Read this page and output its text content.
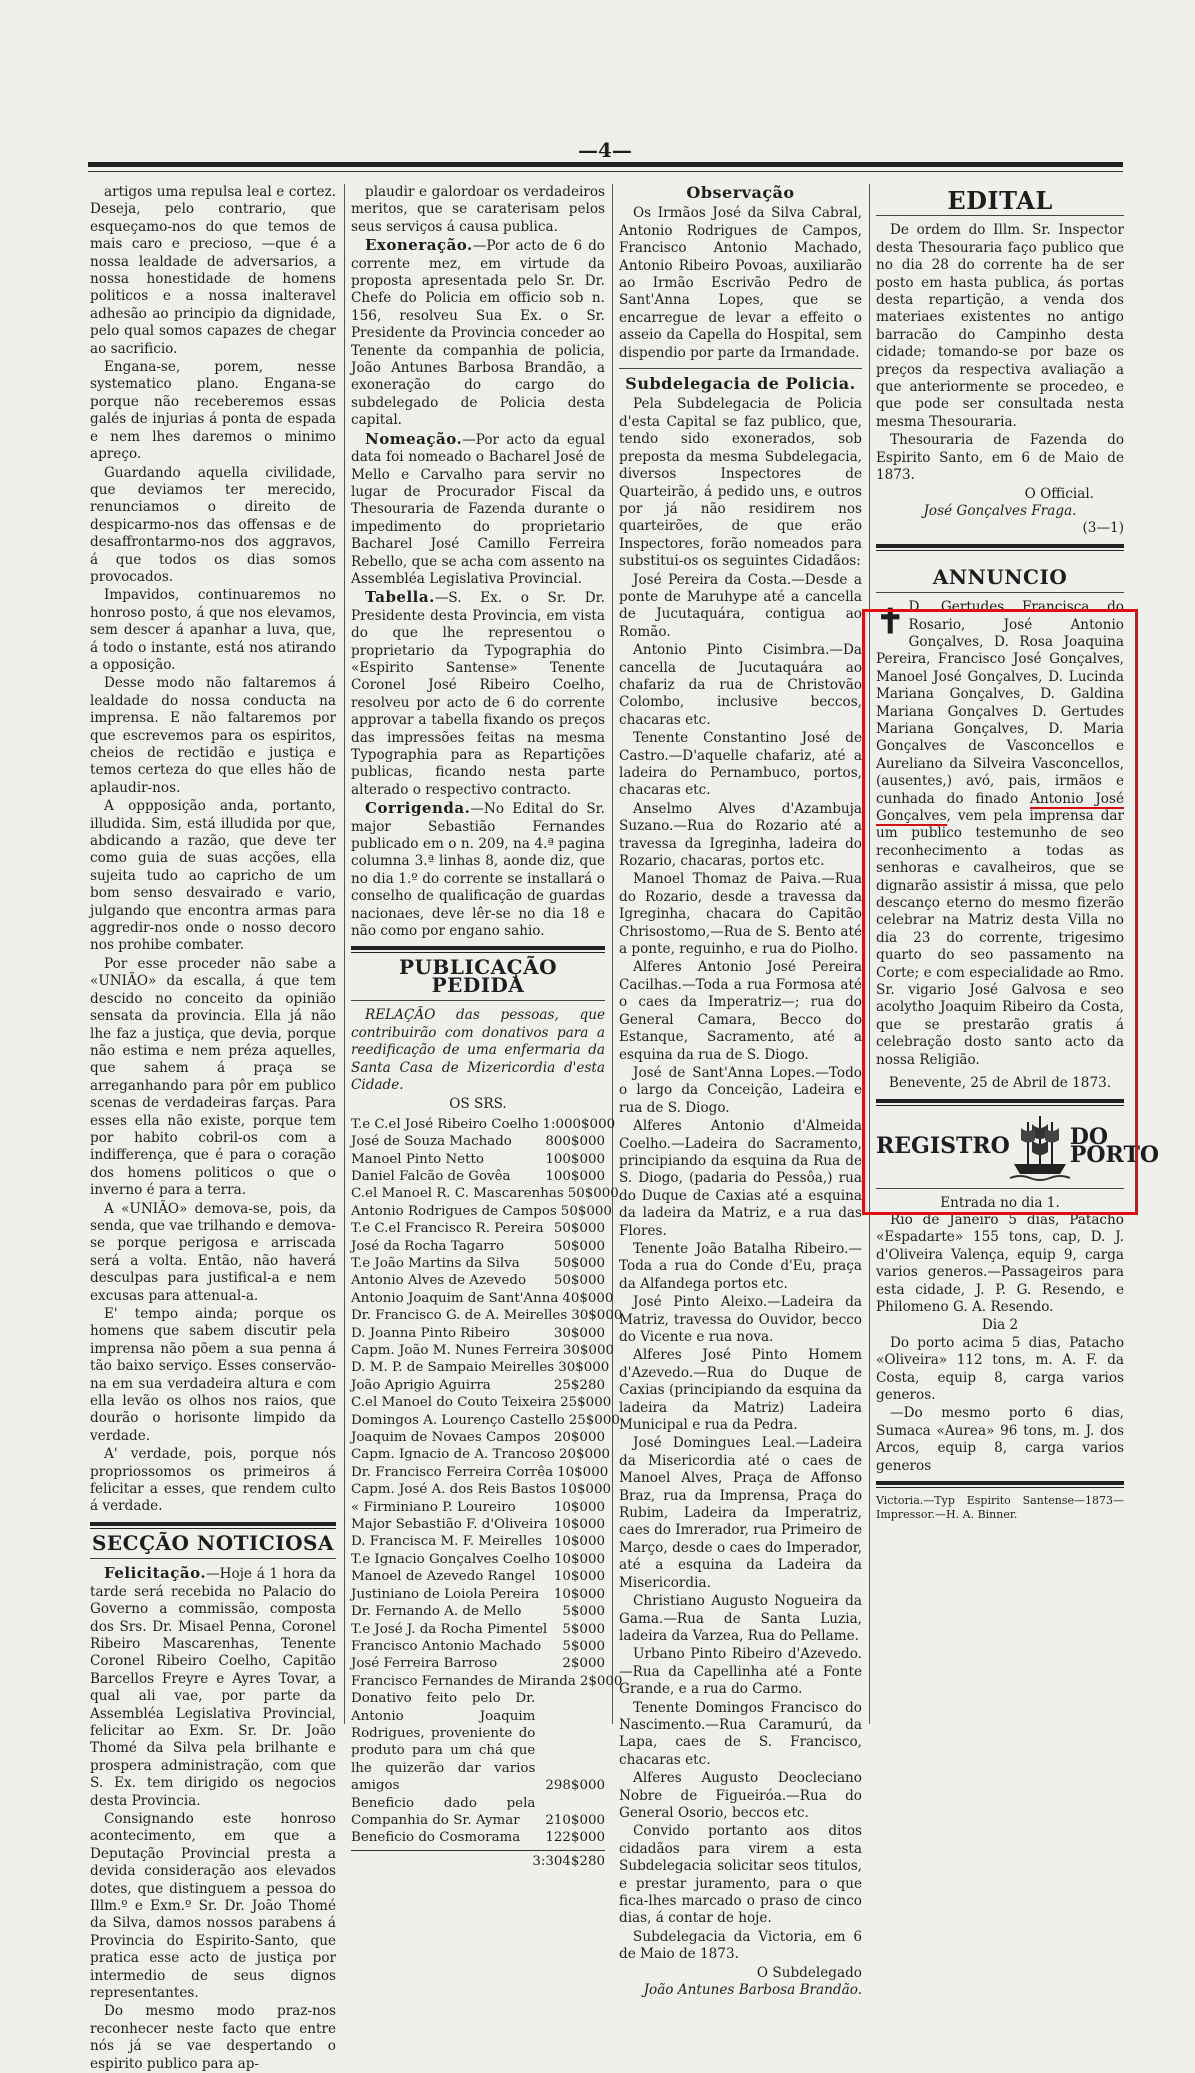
—4—

artigos uma repulsa leal e cortez. Deseja, pelo contrario, que esqueçamo-nos do que temos de mais caro e precioso, —que é a nossa lealdade de adversarios, a nossa honestidade de homens politicos e a nossa inalteravel adhesão ao principio da dignidade, pelo qual somos capazes de chegar ao sacrificio.

Engana-se, porem, nesse systematico plano. Engana-se porque não receberemos essas galés de injurias á ponta de espada e nem lhes daremos o minimo apreço.

Guardando aquella civilidade, que deviamos ter merecido, renunciamos o direito de despicarmo-nos das offensas e de desaffrontarmo-nos dos aggravos, á que todos os dias somos provocados.

Impavidos, continuaremos no honroso posto, á que nos elevamos, sem descer á apanhar a luva, que, á todo o instante, está nos atirando a opposição.

Desse modo não faltaremos á lealdade do nossa conducta na imprensa. E não faltaremos por que escrevemos para os espiritos, cheios de rectidão e justiça e temos certeza do que elles hão de aplaudir-nos.

A oppposição anda, portanto, illudida. Sim, está illudida por que, abdicando a razão, que deve ter como guia de suas acções, ella sujeita tudo ao capricho de um bom senso desvairado e vario, julgando que encontra armas para aggredir-nos onde o nosso decoro nos prohibe combater.

Por esse proceder não sabe a «UNIÃO» da escalla, á que tem descido no conceito da opinião sensata da provincia. Ella já não lhe faz a justiça, que devia, porque não estima e nem préza aquelles, que sahem á praça se arreganhando para pôr em publico scenas de verdadeiras farças. Para esses ella não existe, porque tem por habito cobril-os com a indifferença, que é para o coração dos homens politicos o que o inverno é para a terra.

A «UNIÃO» demova-se, pois, da senda, que vae trilhando e demova-se porque perigosa e arriscada será a volta. Então, não haverá desculpas para justifical-a e nem excusas para attenual-a.

E' tempo ainda; porque os homens que sabem discutir pela imprensa não põem a sua penna á tão baixo serviço. Esses conservão-na em sua verdadeira altura e com ella levão os olhos nos raios, que dourão o horisonte limpido da verdade.

A' verdade, pois, porque nós propriossomos os primeiros á felicitar a esses, que rendem culto á verdade.

SECÇÃO NOTICIOSA

Felicitação.—Hoje á 1 hora da tarde será recebida no Palacio do Governo a commissão, composta dos Srs. Dr. Misael Penna, Coronel Ribeiro Mascarenhas, Tenente Coronel Ribeiro Coelho, Capitão Barcellos Freyre e Ayres Tovar, a qual ali vae, por parte da Assembléa Legislativa Provincial, felicitar ao Exm. Sr. Dr. João Thomé da Silva pela brilhante e prospera administração, com que S. Ex. tem dirigido os negocios desta Provincia.

Consignando este honroso acontecimento, em que a Deputação Provincial presta a devida consideração aos elevados dotes, que distinguem a pessoa do Illm.º e Exm.º Sr. Dr. João Thomé da Silva, damos nossos parabens á Provincia do Espirito-Santo, que pratica esse acto de justiça por intermedio de seus dignos representantes.

Do mesmo modo praz-nos reconhecer neste facto que entre nós já se vae despertando o espirito publico para ap-

plaudir e galordoar os verdadeiros meritos, que se caraterisam pelos seus serviços á causa publica.

Exoneração.—Por acto de 6 do corrente mez, em virtude da proposta apresentada pelo Sr. Dr. Chefe do Policia em officio sob n. 156, resolveu Sua Ex. o Sr. Presidente da Provincia conceder ao Tenente da companhia de policia, João Antunes Barbosa Brandão, a exoneração do cargo do subdelegado de Policia desta capital.

Nomeação.—Por acto da egual data foi nomeado o Bacharel José de Mello e Carvalho para servir no lugar de Procurador Fiscal da Thesouraria de Fazenda durante o impedimento do proprietario Bacharel José Camillo Ferreira Rebello, que se acha com assento na Assembléa Legislativa Provincial.

Tabella.—S. Ex. o Sr. Dr. Presidente desta Provincia, em vista do que lhe representou o proprietario da Typographia do «Espirito Santense» Tenente Coronel José Ribeiro Coelho, resolveu por acto de 6 do corrente approvar a tabella fixando os preços das impressões feitas na mesma Typographia para as Repartições publicas, ficando nesta parte alterado o respectivo contracto.

Corrigenda.—No Edital do Sr. major Sebastião Fernandes publicado em o n. 209, na 4.ª pagina columna 3.ª linhas 8, aonde diz, que no dia 1.º do corrente se installará o conselho de qualificação de guardas nacionaes, deve lêr-se no dia 18 e não como por engano sahio.

PUBLICAÇÃO PEDIDA

RELAÇÃO das pessoas, que contribuirão com donativos para a reedificação de uma enfermaria da Santa Casa de Mizericordia d'esta Cidade.

OS SRS.
T.e C.el José Ribeiro Coelho 1:000$000
José de Souza Machado	800$000
Manoel Pinto Netto	100$000
Daniel Falcão de Govêa	100$000
C.el Manoel R. C. Mascarenhas 50$000
Antonio Rodrigues de Campos 50$000
T.e C.el Francisco R. Pereira 50$000
José da Rocha Tagarro	50$000
T.e João Martins da Silva	50$000
Antonio Alves de Azevedo 50$000
Antonio Joaquim de Sant'Anna 40$000
Dr. Francisco G. de A. Meirelles 30$000
D. Joanna Pinto Ribeiro	30$000
Capm. João M. Nunes Ferreira 30$000
D. M. P. de Sampaio Meirelles 30$000
João Aprigio Aguirra	25$280
C.el Manoel do Couto Teixeira 25$000
Domingos A. Lourenço Castello 25$000
Joaquim de Novaes Campos 20$000
Capm. Ignacio de A. Trancoso 20$000
Dr. Francisco Ferreira Corrêa 10$000
Capm. José A. dos Reis Bastos 10$000
« Firminiano P. Loureiro	10$000
Major Sebastião F. d'Oliveira 10$000
D. Francisca M. F. Meirelles 10$000
T.e Ignacio Gonçalves Coelho 10$000
Manoel de Azevedo Rangel 10$000
Justiniano de Loiola Pereira 10$000
Dr. Fernando A. de Mello	5$000
T.e José J. da Rocha Pimentel 5$000
Francisco Antonio Machado 5$000
José Ferreira Barroso	2$000
Francisco Fernandes de Miranda 2$000
Donativo feito pelo Dr. Antonio Joaquim Rodrigues, proveniente do produto para um chá que lhe quizerão dar varios amigos	298$000
Beneficio dado pela Companhia do Sr. Aymar	210$000
Beneficio do Cosmorama 122$000
3:304$280
Observação

Os Irmãos José da Silva Cabral, Antonio Rodrigues de Campos, Francisco Antonio Machado, Antonio Ribeiro Povoas, auxiliarão ao Irmão Escrivão Pedro de Sant'Anna Lopes, que se encarregue de levar a effeito o asseio da Capella do Hospital, sem dispendio por parte da Irmandade.

Subdelegacia de Policia.

Pela Subdelegacia de Policia d'esta Capital se faz publico, que, tendo sido exonerados, sob preposta da mesma Subdelegacia, diversos Inspectores de Quarteirão, á pedido uns, e outros por já não residirem nos quarteirões, de que erão Inspectores, forão nomeados para substitui-os os seguintes Cidadãos:

José Pereira da Costa.—Desde a ponte de Maruhype até a cancella de Jucutaquára, contigua ao Romão.

Antonio Pinto Cisimbra.—Da cancella de Jucutaquára ao chafariz da rua de Christovão Colombo, inclusive beccos, chacaras etc.

Tenente Constantino José de Castro.—D'aquelle chafariz, até a ladeira do Pernambuco, portos, chacaras etc.

Anselmo Alves d'Azambuja Suzano.—Rua do Rozario até a travessa da Igreginha, ladeira do Rozario, chacaras, portos etc.

Manoel Thomaz de Paiva.—Rua do Rozario, desde a travessa da Igreginha, chacara do Capitão Chrisostomo,—Rua de S. Bento até a ponte, reguinho, e rua do Piolho.

Alferes Antonio José Pereira Cacilhas.—Toda a rua Formosa até o caes da Imperatriz—; rua do General Camara, Becco do Estanque, Sacramento, até a esquina da rua de S. Diogo.

José de Sant'Anna Lopes.—Todo o largo da Conceição, Ladeira e rua de S. Diogo.

Alferes Antonio d'Almeida Coelho.—Ladeira do Sacramento, principiando da esquina da Rua de S. Diogo, (padaria do Pessôa,) rua do Duque de Caxias até a esquina da ladeira da Matriz, e a rua das Flores.

Tenente João Batalha Ribeiro.—Toda a rua do Conde d'Eu, praça da Alfandega portos etc.

José Pinto Aleixo.—Ladeira da Matriz, travessa do Ouvidor, becco do Vicente e rua nova.

Alferes José Pinto Homem d'Azevedo.—Rua do Duque de Caxias (principiando da esquina da ladeira da Matriz) Ladeira Municipal e rua da Pedra.

José Domingues Leal.—Ladeira da Misericordia até o caes de Manoel Alves, Praça de Affonso Braz, rua da Imprensa, Praça do Rubim, Ladeira da Imperatriz, caes do Imrerador, rua Primeiro de Março, desde o caes do Imperador, até a esquina da Ladeira da Misericordia.

Christiano Augusto Nogueira da Gama.—Rua de Santa Luzia, ladeira da Varzea, Rua do Pellame.

Urbano Pinto Ribeiro d'Azevedo.—Rua da Capellinha até a Fonte Grande, e a rua do Carmo.

Tenente Domingos Francisco do Nascimento.—Rua Caramurú, da Lapa, caes de S. Francisco, chacaras etc.

Alferes Augusto Deocleciano Nobre de Figueiróa.—Rua do General Osorio, beccos etc.

Convido portanto aos ditos cidadãos para virem a esta Subdelegacia solicitar seos titulos, e prestar juramento, para o que fica-lhes marcado o praso de cinco dias, á contar de hoje.

Subdelegacia da Victoria, em 6 de Maio de 1873.

O Subdelegado
João Antunes Barbosa Brandão.
EDITAL

De ordem do Illm. Sr. Inspector desta Thesouraria faço publico que no dia 28 do corrente ha de ser posto em hasta publica, ás portas desta repartição, a venda dos materiaes existentes no antigo barracão do Campinho desta cidade; tomando-se por baze os preços da respectiva avaliação a que anteriormente se procedeo, e que pode ser consultada nesta mesma Thesouraria.

Thesouraria de Fazenda do Espirito Santo, em 6 de Maio de 1873.

O Official.
José Gonçalves Fraga.
(3—1)
ANNUNCIO

✝ D. Gertudes Francisca do Rosario, José Antonio Gonçalves, D. Rosa Joaquina Pereira, Francisco José Gonçalves, Manoel José Gonçalves, D. Lucinda Mariana Gonçalves, D. Galdina Mariana Gonçalves D. Gertudes Mariana Gonçalves, D. Maria Gonçalves de Vasconcellos e Aureliano da Silveira Vasconcellos, (ausentes,) avó, pais, irmãos e cunhada do finado Antonio José Gonçalves, vem pela imprensa dar um publico testemunho de seo reconhecimento a todas as senhoras e cavalheiros, que se dignarão assistir á missa, que pelo descanço eterno do mesmo fizerão celebrar na Matriz desta Villa no dia 23 do corrente, trigesimo quarto do seo passamento na Corte; e com especialidade ao Rmo. Sr. vigario José Galvosa e seo acolytho Joaquim Ribeiro da Costa, que se prestarão gratis á celebração dosto santo acto da nossa Religião.

Benevente, 25 de Abril de 1873.
REGISTRO	DO PORTO
Entrada no dia 1.

Rio de Janeiro 5 dias, Patacho «Espadarte» 155 tons, cap, D. J. d'Oliveira Valença, equip 9, carga varios generos.—Passageiros para esta cidade, J. P. G. Resendo, e Philomeno G. A. Resendo.

Dia 2

Do porto acima 5 dias, Patacho «Oliveira» 112 tons, m. A. F. da Costa, equip 8, carga varios generos.

—Do mesmo porto 6 dias, Sumaca «Aurea» 96 tons, m. J. dos Arcos, equip 8, carga varios generos

Victoria.—Typ Espirito Santense—1873—Impressor.—H. A. Binner.
